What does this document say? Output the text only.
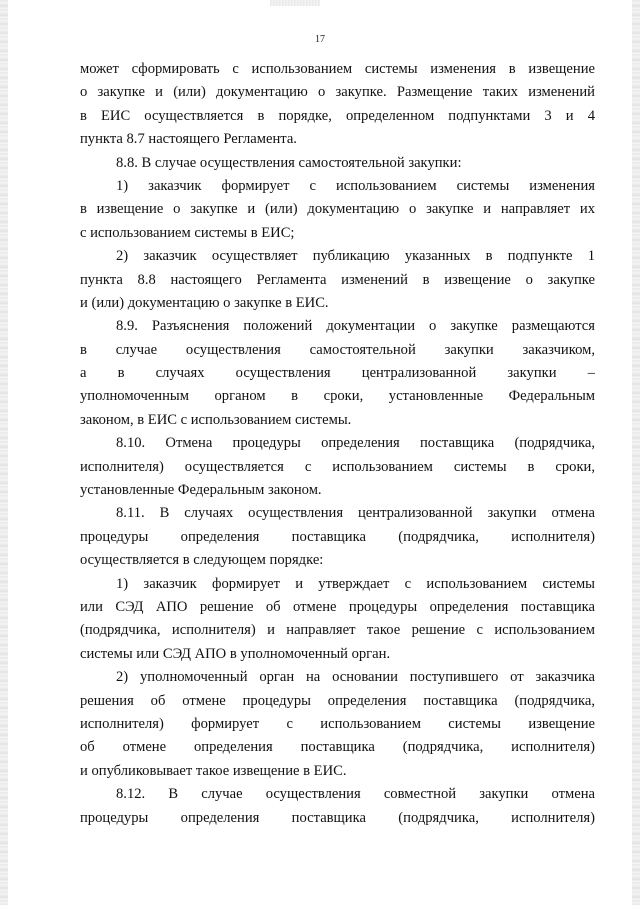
17
может сформировать с использованием системы изменения в извещение
о закупке и (или) документацию о закупке. Размещение таких изменений
в ЕИС осуществляется в порядке, определенном подпунктами 3 и 4
пункта 8.7 настоящего Регламента.
8.8. В случае осуществления самостоятельной закупки:
1) заказчик формирует с использованием системы изменения
в извещение о закупке и (или) документацию о закупке и направляет их
с использованием системы в ЕИС;
2) заказчик осуществляет публикацию указанных в подпункте 1
пункта 8.8 настоящего Регламента изменений в извещение о закупке
и (или) документацию о закупке в ЕИС.
8.9. Разъяснения положений документации о закупке размещаются
в случае осуществления самостоятельной закупки заказчиком,
а в случаях осуществления централизованной закупки –
уполномоченным органом в сроки, установленные Федеральным
законом, в ЕИС с использованием системы.
8.10. Отмена процедуры определения поставщика (подрядчика,
исполнителя) осуществляется с использованием системы в сроки,
установленные Федеральным законом.
8.11. В случаях осуществления централизованной закупки отмена
процедуры определения поставщика (подрядчика, исполнителя)
осуществляется в следующем порядке:
1) заказчик формирует и утверждает с использованием системы
или СЭД АПО решение об отмене процедуры определения поставщика
(подрядчика, исполнителя) и направляет такое решение с использованием
системы или СЭД АПО в уполномоченный орган.
2) уполномоченный орган на основании поступившего от заказчика
решения об отмене процедуры определения поставщика (подрядчика,
исполнителя) формирует с использованием системы извещение
об отмене определения поставщика (подрядчика, исполнителя)
и опубликовывает такое извещение в ЕИС.
8.12. В случае осуществления совместной закупки отмена
процедуры определения поставщика (подрядчика, исполнителя)
